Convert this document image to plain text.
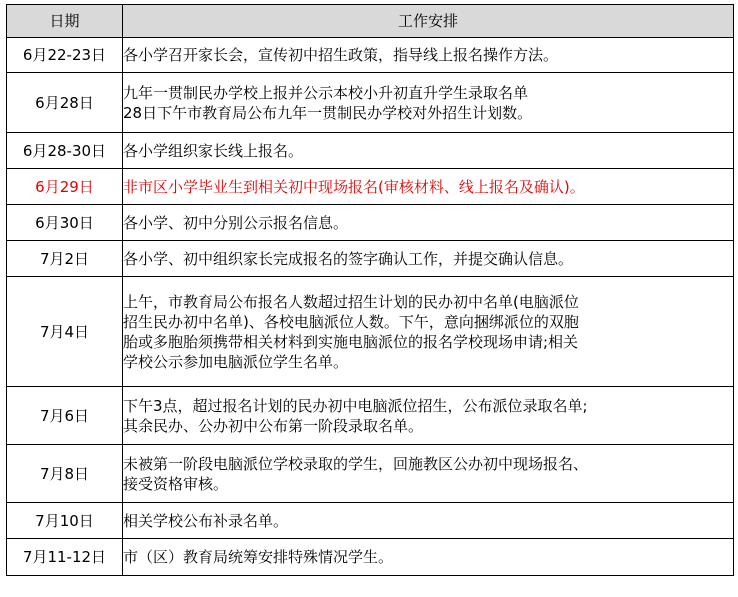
日期	工作安排
6月22-23日	各小学召开家长会，宣传初中招生政策，指导线上报名操作方法。

6月28日	九年一贯制民办学校上报并公示本校小升初直升学生录取名单
28日下午市教育局公布九年一贯制民办学校对外招生计划数。

6月28-30日	各小学组织家长线上报名。

6月29日	非市区小学毕业生到相关初中现场报名(审核材料、线上报名及确认)。

6月30日	各小学、初中分别公示报名信息。

7月2日	各小学、初中组织家长完成报名的签字确认工作，并提交确认信息。

7月4日	上午，市教育局公布报名人数超过招生计划的民办初中名单(电脑派位
招生民办初中名单)、各校电脑派位人数。下午，意向捆绑派位的双胞
胎或多胞胎须携带相关材料到实施电脑派位的报名学校现场申请;相关
学校公示参加电脑派位学生名单。

7月6日	下午3点，超过报名计划的民办初中电脑派位招生，公布派位录取名单;
其余民办、公办初中公布第一阶段录取名单。

7月8日	未被第一阶段电脑派位学校录取的学生，回施教区公办初中现场报名、
接受资格审核。

7月10日	相关学校公布补录名单。

7月11-12日	市（区）教育局统筹安排特殊情况学生。
